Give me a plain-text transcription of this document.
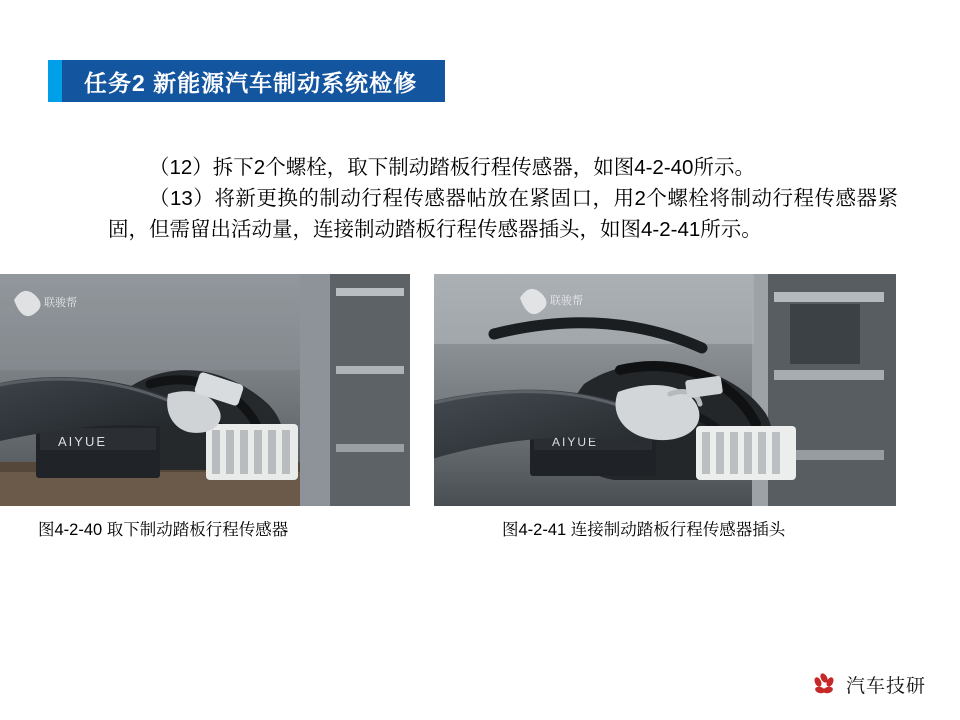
任务2 新能源汽车制动系统检修

（12）拆下2个螺栓，取下制动踏板行程传感器，如图4-2-40所示。

（13）将新更换的制动行程传感器帖放在紧固口，用2个螺栓将制动行程传感器紧固，但需留出活动量，连接制动踏板行程传感器插头，如图4-2-41所示。

AIYUE
联骏帮
图4-2-40 取下制动踏板行程传感器
AIYUE
联骏帮
图4-2-41 连接制动踏板行程传感器插头
汽车技研
